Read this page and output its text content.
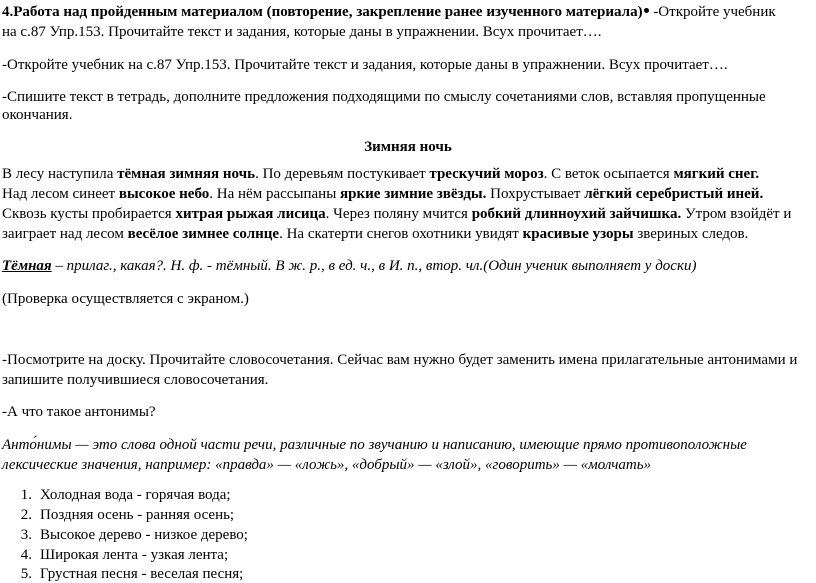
4.Работа над пройденным материалом (повторение, закрепление ранее изученного материала) -Откройте учебник
на с.87 Упр.153. Прочитайте текст и задания, которые даны в упражнении. Всух прочитает….
-Откройте учебник на с.87 Упр.153. Прочитайте текст и задания, которые даны в упражнении. Всух прочитает….
-Спишите текст в тетрадь, дополните предложения подходящими по смыслу сочетаниями слов, вставляя пропущенные
окончания.
Зимняя ночь
В лесу наступила тёмная зимняя ночь. По деревьям постукивает трескучий мороз. С веток осыпается мягкий снег.
Над лесом синеет высокое небо. На нём рассыпаны яркие зимние звёзды. Похрустывает лёгкий серебристый иней.
Сквозь кусты пробирается хитрая рыжая лисица. Через поляну мчится робкий длинноухий зайчишка. Утром взойдёт и
заиграет над лесом весёлое зимнее солнце. На скатерти снегов охотники увидят красивые узоры звериных следов.
Тёмная – прилаг., какая?. Н. ф. - тёмный. В ж. р., в ед. ч., в И. п., втор. чл.(Один ученик выполняет у доски)
(Проверка осуществляется с экраном.)
-Посмотрите на доску. Прочитайте словосочетания. Сейчас вам нужно будет заменить имена прилагательные антонимами и
запишите получившиеся словосочетания.
-А что такое антонимы?
Анто́нимы — это слова одной части речи, различные по звучанию и написанию, имеющие прямо противоположные
лексические значения, например: «правда» — «ложь», «добрый» — «злой», «говорить» — «молчать»
1. Холодная вода - горячая вода;
2. Поздняя осень - ранняя осень;
3. Высокое дерево - низкое дерево;
4. Широкая лента - узкая лента;
5. Грустная песня - веселая песня;
